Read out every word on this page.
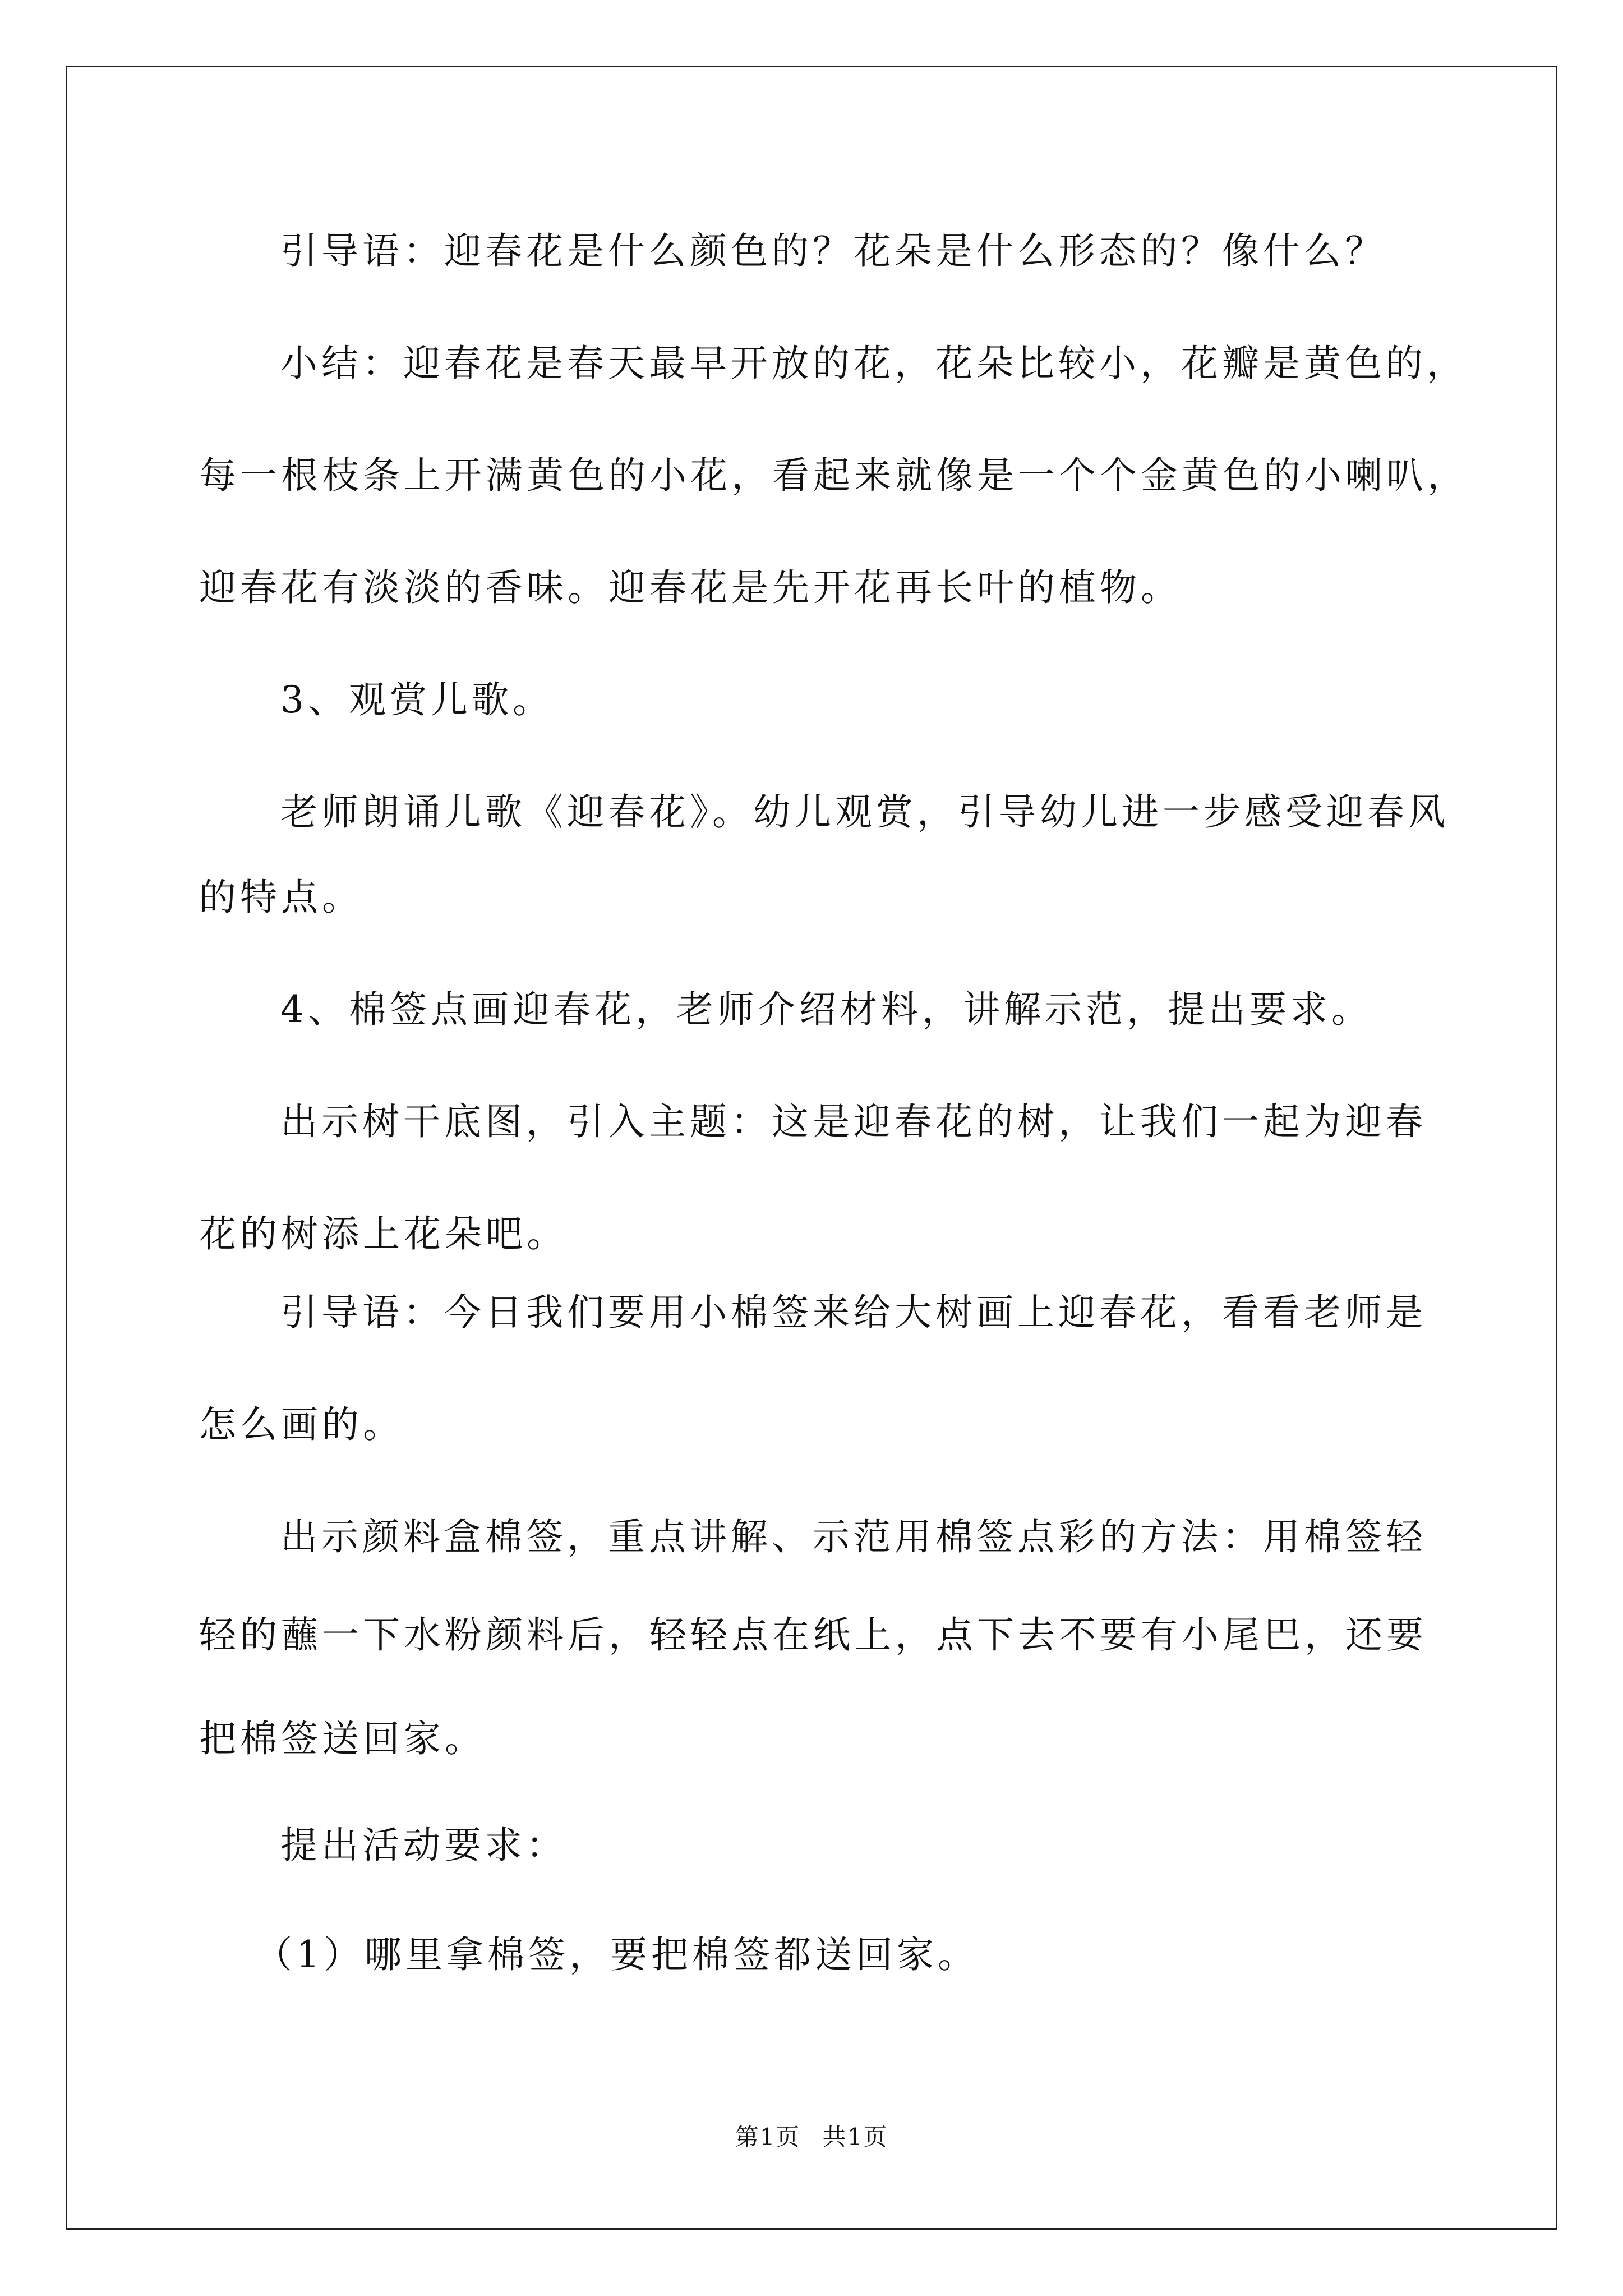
引导语：迎春花是什么颜色的？花朵是什么形态的？像什么？
小结：迎春花是春天最早开放的花，花朵比较小，花瓣是黄色的，
每一根枝条上开满黄色的小花，看起来就像是一个个金黄色的小喇叭，
迎春花有淡淡的香味。迎春花是先开花再长叶的植物。
3、观赏儿歌。
老师朗诵儿歌《迎春花》。幼儿观赏，引导幼儿进一步感受迎春风
的特点。
4、棉签点画迎春花，老师介绍材料，讲解示范，提出要求。
出示树干底图，引入主题：这是迎春花的树，让我们一起为迎春
花的树添上花朵吧。
引导语：今日我们要用小棉签来给大树画上迎春花，看看老师是
怎么画的。
出示颜料盒棉签，重点讲解、示范用棉签点彩的方法：用棉签轻
轻的蘸一下水粉颜料后，轻轻点在纸上，点下去不要有小尾巴，还要
把棉签送回家。
提出活动要求：
（1）哪里拿棉签，要把棉签都送回家。
第1页 共1页
